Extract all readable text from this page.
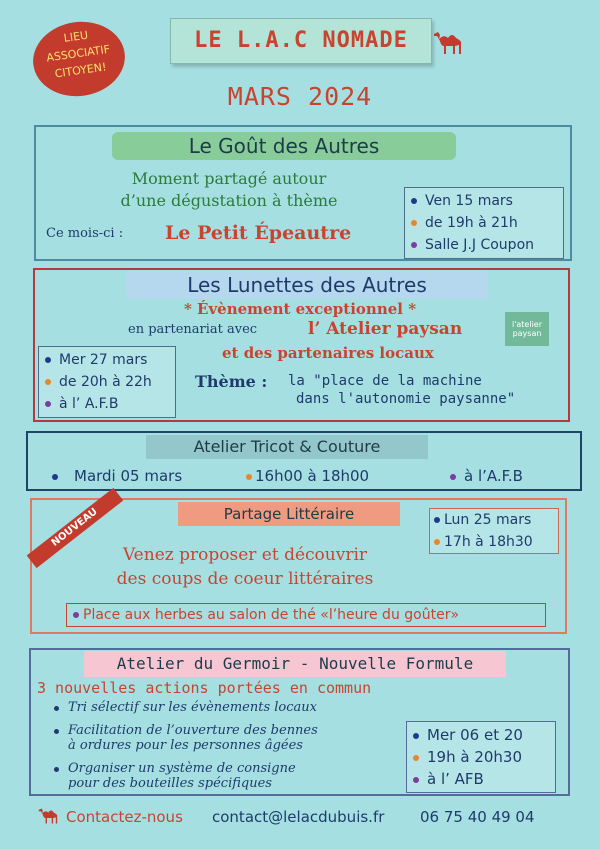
LIEU
ASSOCIATIF
CITOYEN!
LE L.A.C NOMADE
MARS 2024
Le Goût des Autres
Moment partagé autour
d’une dégustation à thème
Ce mois-ci : Le Petit Épeautre
Ven 15 mars
de 19h à 21h
Salle J.J Coupon
Les Lunettes des Autres
* Évènement exceptionnel *
en partenariat avec	l’ Atelier paysan
et des partenaires locaux
l'atelier
paysan
Mer 27 mars
de 20h à 22h
à l’ A.F.B
Thème : la "place de la machine
dans l'autonomie paysanne"
Atelier Tricot & Couture
Mardi 05 mars	16h00 à 18h00	à l’A.F.B
NOUVEAU	Partage Littéraire	Lun 25 mars
17h à 18h30
Venez proposer et découvrir
des coups de coeur littéraires
Place aux herbes au salon de thé «l’heure du goûter»
Atelier du Germoir - Nouvelle Formule
3 nouvelles actions portées en commun
Tri sélectif sur les évènements locaux
Facilitation de l’ouverture des bennes
à ordures pour les personnes âgées
Organiser un système de consigne
pour des bouteilles spécifiques
Mer 06 et 20
19h à 20h30
à l’ AFB
Contactez-nous contact@lelacdubuis.fr 06 75 40 49 04
